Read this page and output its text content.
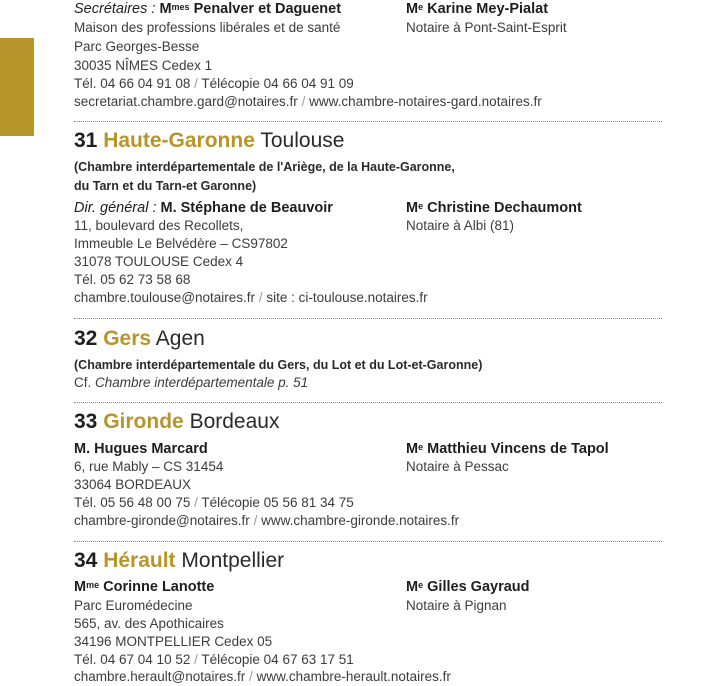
Secrétaires : $M^{mes}$ Penalver et Daguenet
Maison des professions libérales et de santé
Parc Georges-Besse
30035 NÎMES Cedex 1
Tél. 04 66 04 91 08 / Télécopie 04 66 04 91 09
secretariat.chambre.gard@notaires.fr / www.chambre-notaires-gard.notaires.fr
Me Karine Mey-Pialat
Notaire à Pont-Saint-Esprit
31 Haute-Garonne Toulouse
(Chambre interdépartementale de l'Ariège, de la Haute-Garonne,
du Tarn et du Tarn-et Garonne)
Dir. général : M. Stéphane de Beauvoir
11, boulevard des Recollets,
Immeuble Le Belvédère – CS97802
31078 TOULOUSE Cedex 4
Tél. 05 62 73 58 68
chambre.toulouse@notaires.fr / site : ci-toulouse.notaires.fr
Me Christine Dechaumont
Notaire à Albi (81)
32 Gers Agen
(Chambre interdépartementale du Gers, du Lot et du Lot-et-Garonne)
Cf. Chambre interdépartementale p. 51
33 Gironde Bordeaux
M. Hugues Marcard
6, rue Mably – CS 31454
33064 BORDEAUX
Tél. 05 56 48 00 75 / Télécopie 05 56 81 34 75
chambre-gironde@notaires.fr / www.chambre-gironde.notaires.fr
Me Matthieu Vincens de Tapol
Notaire à Pessac
34 Hérault Montpellier
$M^{me}$ Corinne Lanotte
Parc Euromédecine
565, av. des Apothicaires
34196 MONTPELLIER Cedex 05
Tél. 04 67 04 10 52 / Télécopie 04 67 63 17 51
chambre.herault@notaires.fr / www.chambre-herault.notaires.fr
Me Gilles Gayraud
Notaire à Pignan
